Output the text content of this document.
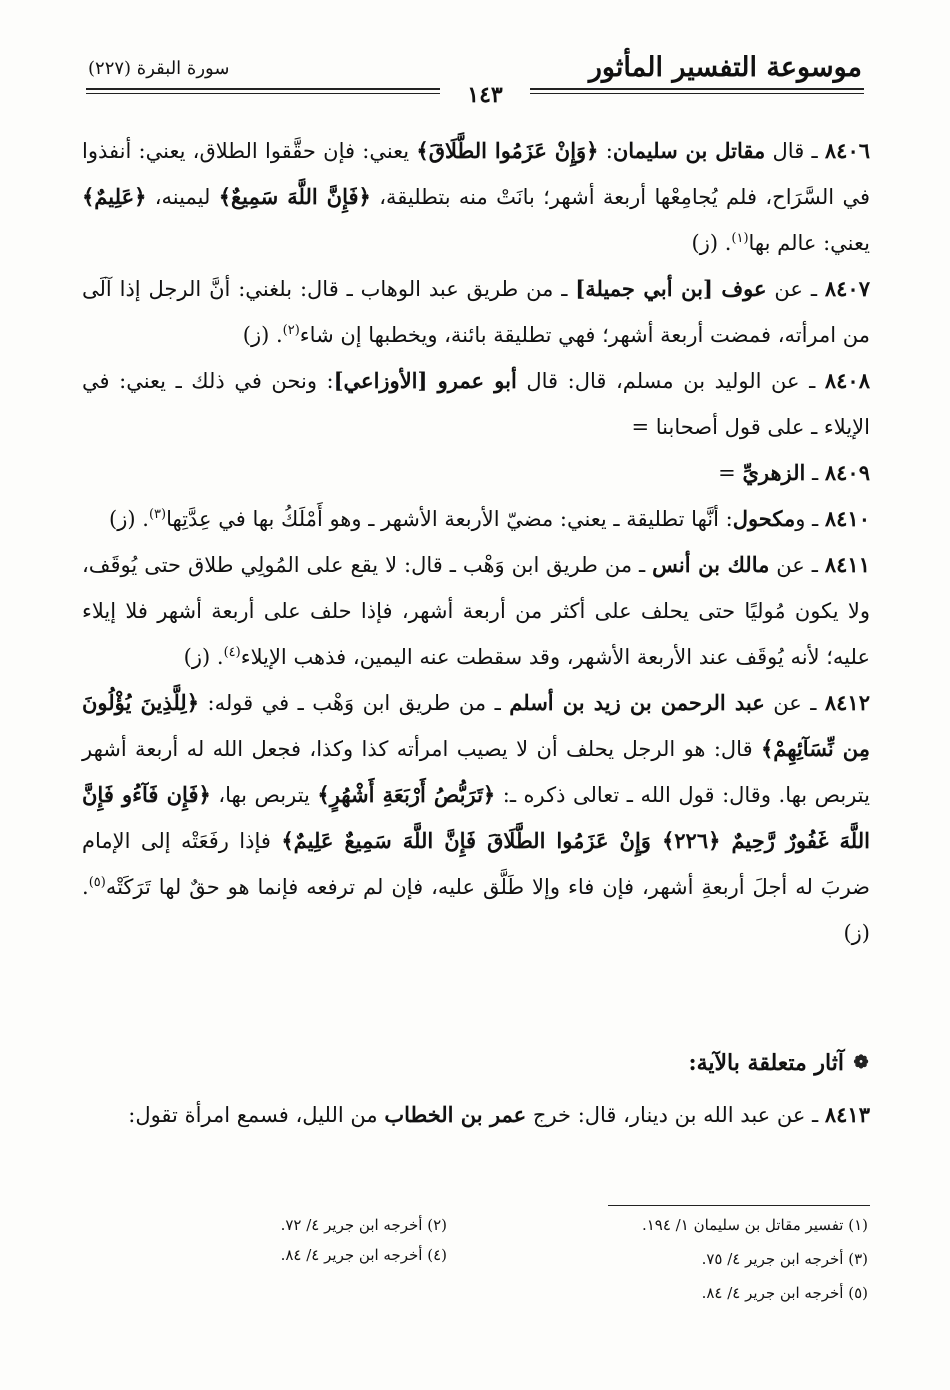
موسوعة التفسير المأثور
سورة البقرة (٢٢٧)
١٤٣

٨٤٠٦ ـ قال مقاتل بن سليمان: ﴿وَإِنْ عَزَمُوا الطَّلَاقَ﴾ يعني: فإن حقَّقوا الطلاق، يعني: أنفذوا في السَّرَاح، فلم يُجامِعْها أربعة أشهر؛ بانَتْ منه بتطليقة، ﴿فَإِنَّ اللَّهَ سَمِيعٌ﴾ ليمينه، ﴿عَلِيمٌ﴾ يعني: عالم بها$^{(١)}$. (ز)

٨٤٠٧ ـ عن عوف [بن أبي جميلة] ـ من طريق عبد الوهاب ـ قال: بلغني: أنَّ الرجل إذا آلَى من امرأته، فمضت أربعة أشهر؛ فهي تطليقة بائنة، ويخطبها إن شاء$^{(٢)}$. (ز)

٨٤٠٨ ـ عن الوليد بن مسلم، قال: قال أبو عمرو [الأوزاعي]: ونحن في ذلك ـ يعني: في الإيلاء ـ على قول أصحابنا =

٨٤٠٩ ـ الزهريِّ =

٨٤١٠ ـ ومكحول: أنَّها تطليقة ـ يعني: مضيّ الأربعة الأشهر ـ وهو أَمْلَكُ بها في عِدَّتِها$^{(٣)}$. (ز)

٨٤١١ ـ عن مالك بن أنس ـ من طريق ابن وَهْب ـ قال: لا يقع على المُولِي طلاق حتى يُوقَف، ولا يكون مُوليًا حتى يحلف على أكثر من أربعة أشهر، فإذا حلف على أربعة أشهر فلا إيلاء عليه؛ لأنه يُوقَف عند الأربعة الأشهر، وقد سقطت عنه اليمين، فذهب الإيلاء$^{(٤)}$. (ز)

٨٤١٢ ـ عن عبد الرحمن بن زيد بن أسلم ـ من طريق ابن وَهْب ـ في قوله: ﴿لِلَّذِينَ يُؤْلُونَ مِن نِّسَآئِهِمْ﴾ قال: هو الرجل يحلف أن لا يصيب امرأته كذا وكذا، فجعل الله له أربعة أشهر يتربص بها. وقال: قول الله ـ تعالى ذكره ـ: ﴿تَرَبُّصُ أَرْبَعَةِ أَشْهُرٍ﴾ يتربص بها، ﴿فَإِن فَآءُو فَإِنَّ اللَّهَ غَفُورٌ رَّحِيمٌ ﴿٢٢٦﴾ وَإِنْ عَزَمُوا الطَّلَاقَ فَإِنَّ اللَّهَ سَمِيعٌ عَلِيمٌ﴾ فإذا رفَعَتْه إلى الإمام ضربَ له أجلَ أربعةِ أشهر، فإن فاء وإلا طَلَّق عليه، فإن لم ترفعه فإنما هو حقٌ لها تَرَكَتْه$^{(٥)}$. (ز)

❁
آثار متعلقة بالآية:

٨٤١٣ ـ عن عبد الله بن دينار، قال: خرج عمر بن الخطاب من الليل، فسمع امرأة تقول:

(١) تفسير مقاتل بن سليمان ١/ ١٩٤.
(٢) أخرجه ابن جرير ٤/ ٧٢.
(٣) أخرجه ابن جرير ٤/ ٧٥.
(٤) أخرجه ابن جرير ٤/ ٨٤.
(٥) أخرجه ابن جرير ٤/ ٨٤.
